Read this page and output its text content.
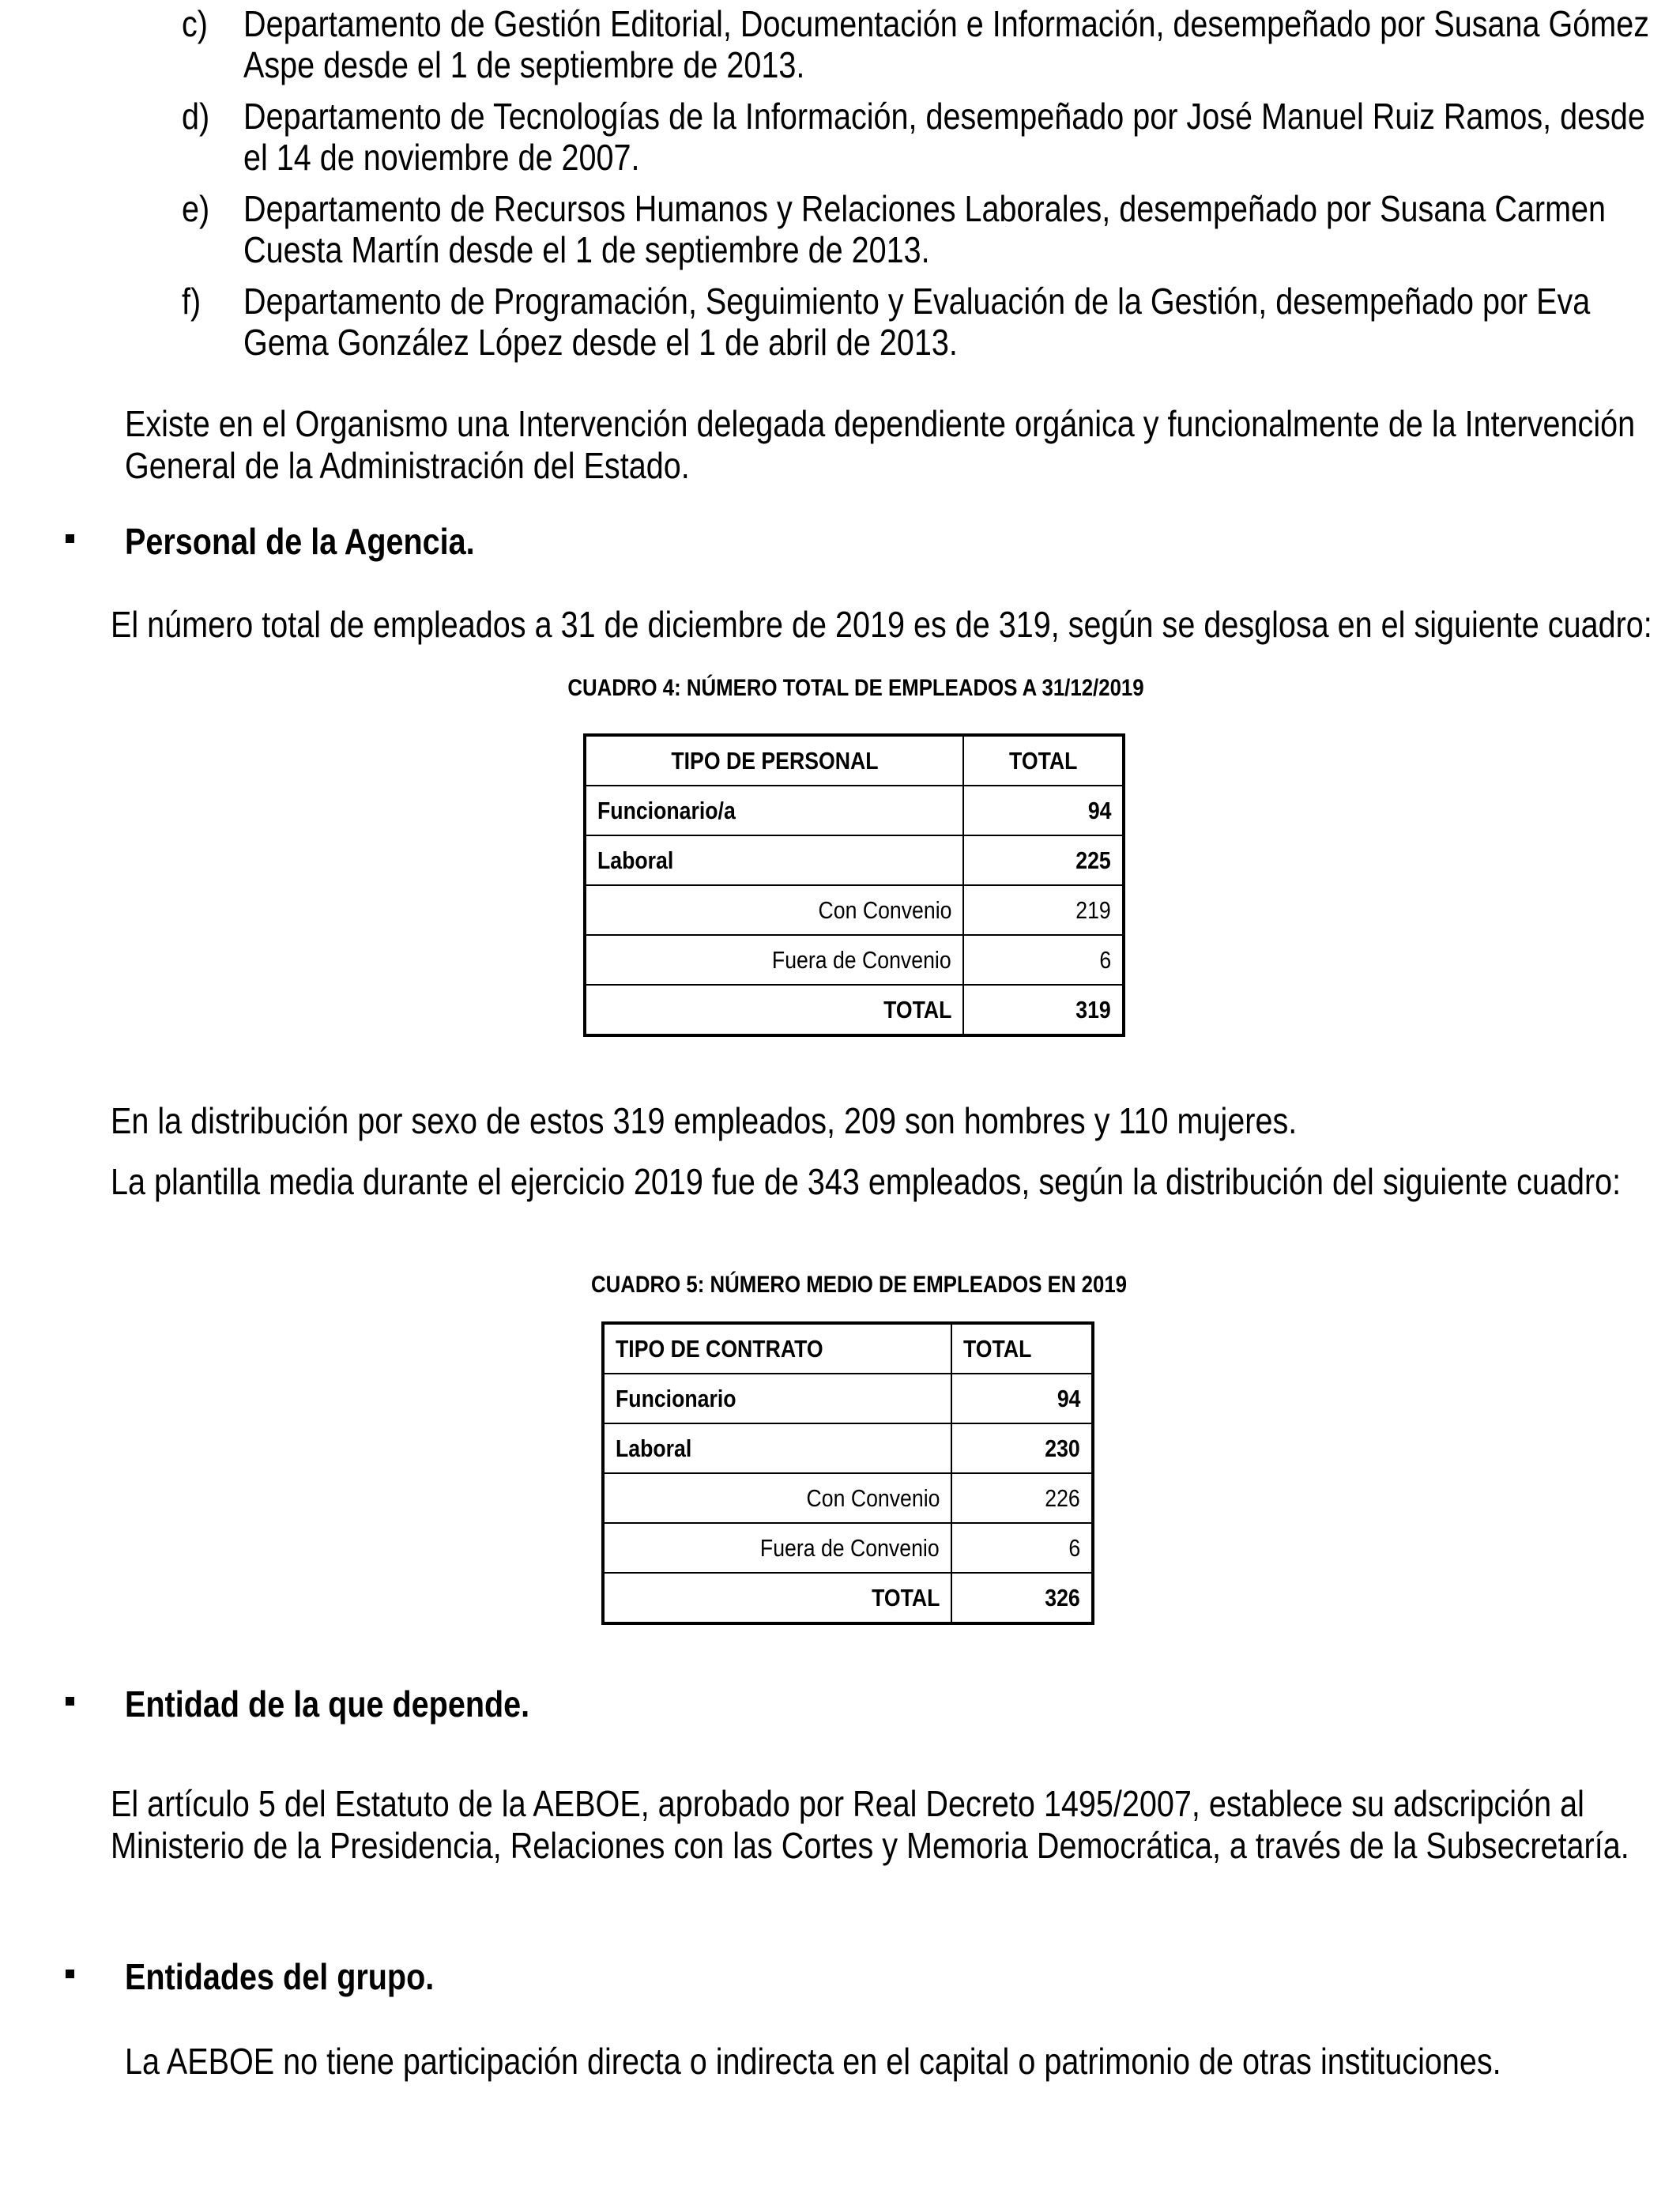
c) Departamento de Gestión Editorial, Documentación e Información, desempeñado por Susana Gómez
Aspe desde el 1 de septiembre de 2013.
d) Departamento de Tecnologías de la Información, desempeñado por José Manuel Ruiz Ramos, desde
el 14 de noviembre de 2007.
e) Departamento de Recursos Humanos y Relaciones Laborales, desempeñado por Susana Carmen
Cuesta Martín desde el 1 de septiembre de 2013.
f) Departamento de Programación, Seguimiento y Evaluación de la Gestión, desempeñado por Eva
Gema González López desde el 1 de abril de 2013.
Existe en el Organismo una Intervención delegada dependiente orgánica y funcionalmente de la Intervención
General de la Administración del Estado.
Personal de la Agencia.
El número total de empleados a 31 de diciembre de 2019 es de 319, según se desglosa en el siguiente cuadro:
CUADRO 4: NÚMERO TOTAL DE EMPLEADOS A 31/12/2019
TIPO DE PERSONAL	TOTAL
Funcionario/a	94
Laboral	225
Con Convenio	219
Fuera de Convenio	6
TOTAL	319
En la distribución por sexo de estos 319 empleados, 209 son hombres y 110 mujeres.
La plantilla media durante el ejercicio 2019 fue de 343 empleados, según la distribución del siguiente cuadro:
CUADRO 5: NÚMERO MEDIO DE EMPLEADOS EN 2019
TIPO DE CONTRATO	TOTAL
Funcionario	94
Laboral	230
Con Convenio	226
Fuera de Convenio	6
TOTAL	326
Entidad de la que depende.
El artículo 5 del Estatuto de la AEBOE, aprobado por Real Decreto 1495/2007, establece su adscripción al
Ministerio de la Presidencia, Relaciones con las Cortes y Memoria Democrática, a través de la Subsecretaría.
Entidades del grupo.
La AEBOE no tiene participación directa o indirecta en el capital o patrimonio de otras instituciones.
